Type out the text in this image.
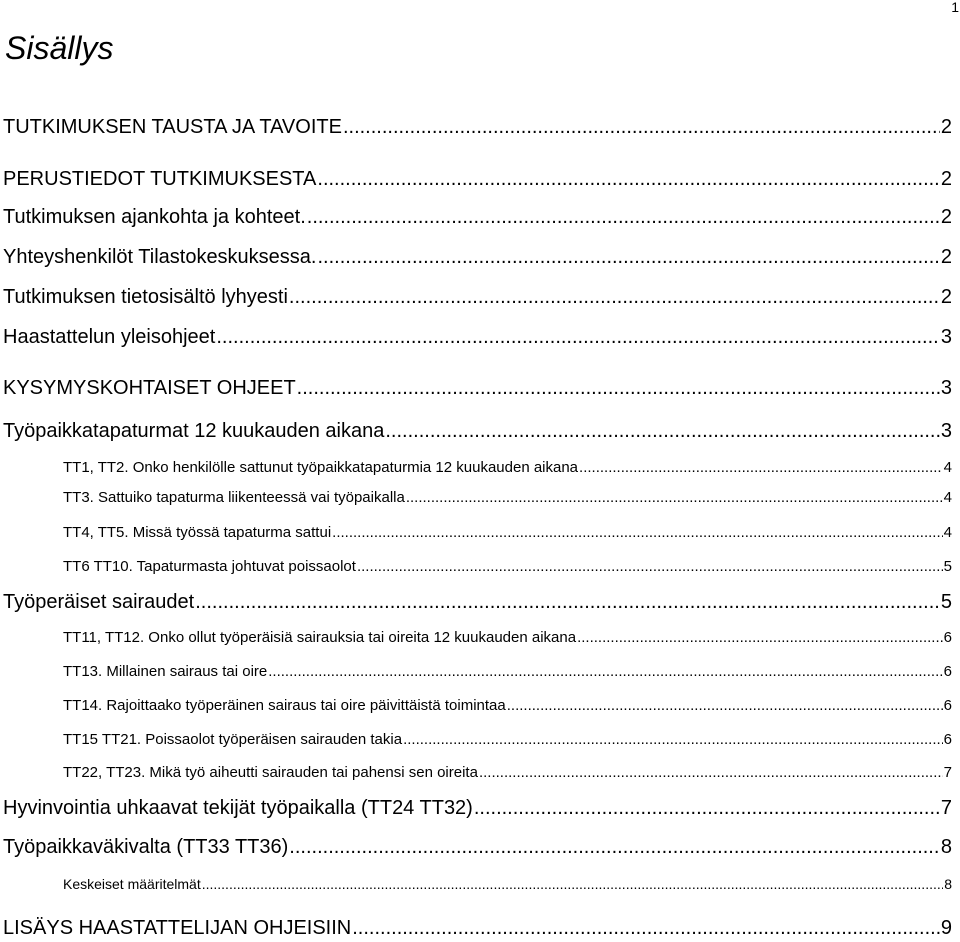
1
Sisällys
TUTKIMUKSEN TAUSTA JA TAVOITE .....	2
PERUSTIEDOT TUTKIMUKSESTA .....	2
Tutkimuksen ajankohta ja kohteet. .....	2
Yhteyshenkilöt Tilastokeskuksessa. .....	2
Tutkimuksen tietosisältö lyhyesti .....	2
Haastattelun yleisohjeet .....	3
KYSYMYSKOHTAISET OHJEET .....	3
Työpaikkatapaturmat 12 kuukauden aikana .....	3
TT1, TT2. Onko henkilölle sattunut työpaikkatapaturmia 12 kuukauden aikana .....	4
TT3. Sattuiko tapaturma liikenteessä vai työpaikalla .....	4
TT4, TT5. Missä työssä tapaturma sattui .....	4
TT6 TT10. Tapaturmasta johtuvat poissaolot .....	5
Työperäiset sairaudet .....	5
TT11, TT12. Onko ollut työperäisiä sairauksia tai oireita 12 kuukauden aikana .....	6
TT13. Millainen sairaus tai oire .....	6
TT14. Rajoittaako työperäinen sairaus tai oire päivittäistä toimintaa .....	6
TT15 TT21. Poissaolot työperäisen sairauden takia .....	6
TT22, TT23. Mikä työ aiheutti sairauden tai pahensi sen oireita .....	7
Hyvinvointia uhkaavat tekijät työpaikalla (TT24 TT32) .....	7
Työpaikkaväkivalta (TT33 TT36) .....	8
Keskeiset määritelmät .....	8
LISÄYS HAASTATTELIJAN OHJEISIIN .....	9
